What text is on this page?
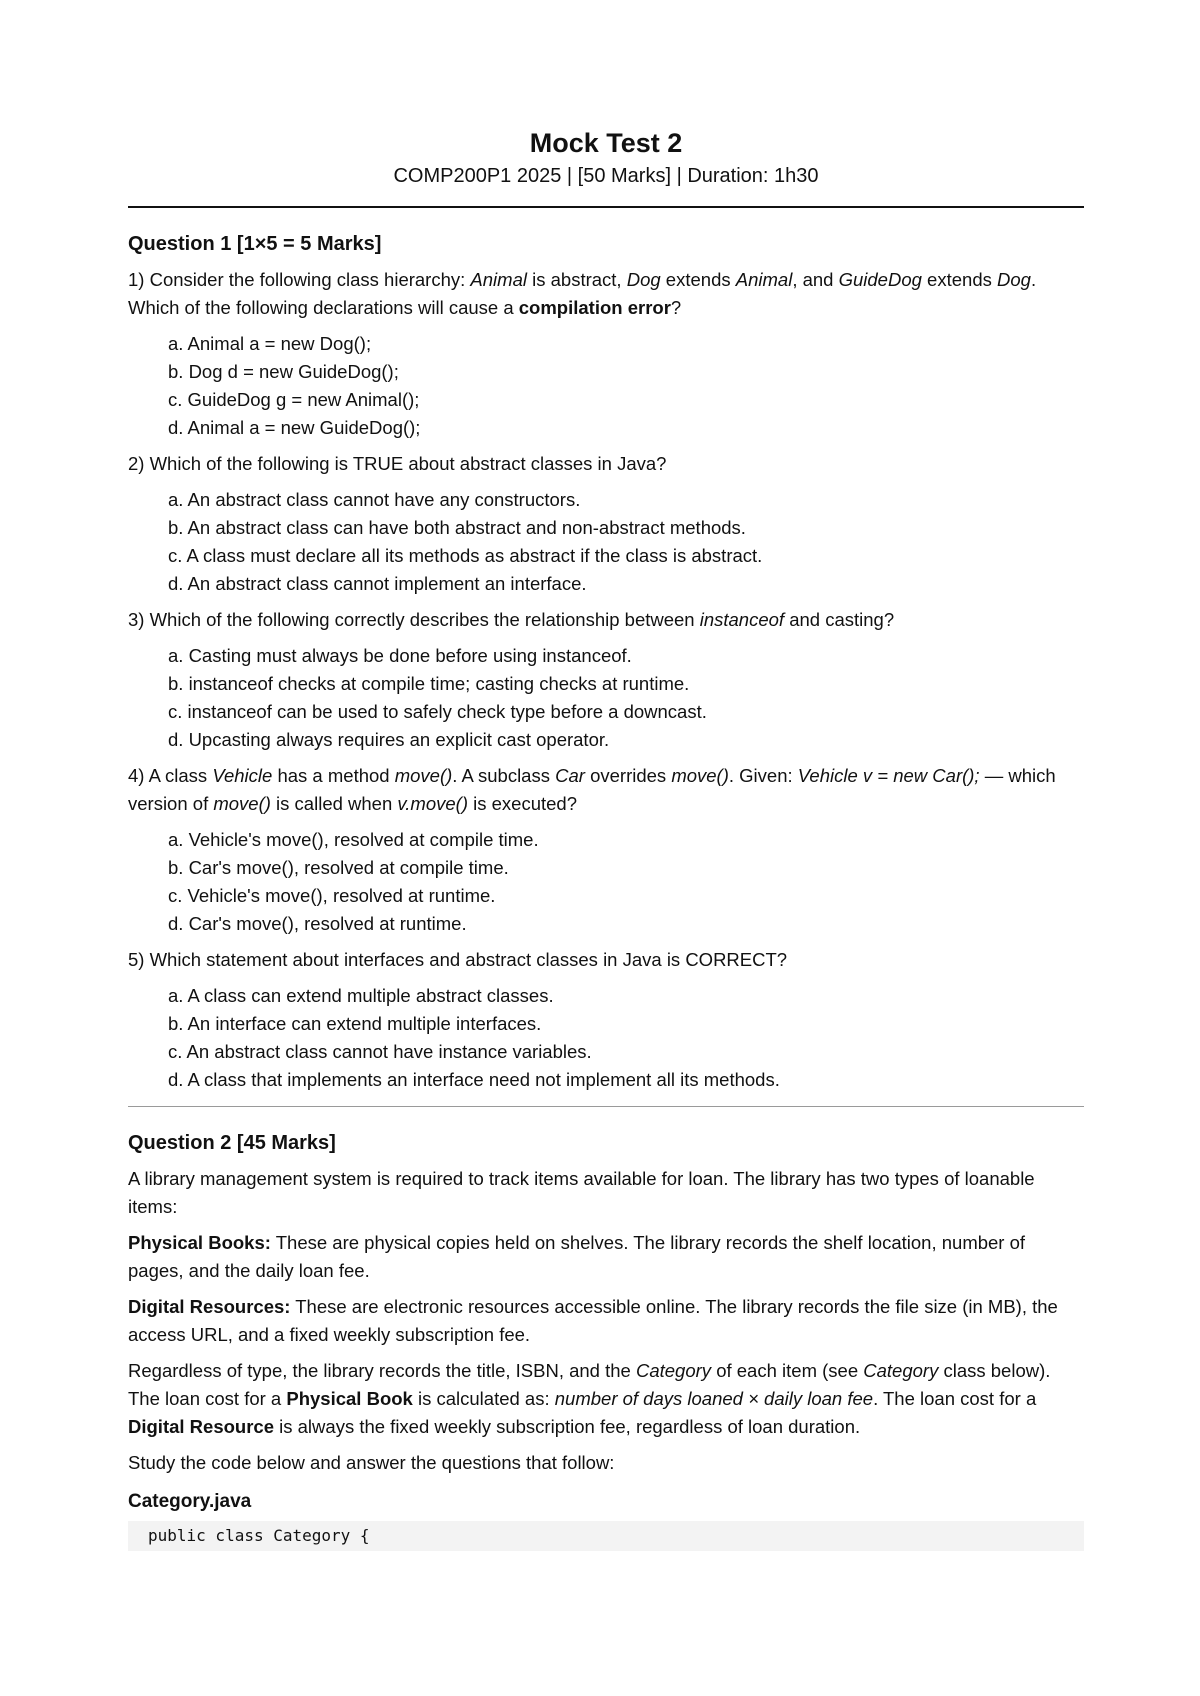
Mock Test 2
COMP200P1 2025 | [50 Marks] | Duration: 1h30
Question 1 [1×5 = 5 Marks]
1) Consider the following class hierarchy: Animal is abstract, Dog extends Animal, and GuideDog extends Dog. Which of the following declarations will cause a compilation error?
a. Animal a = new Dog();
b. Dog d = new GuideDog();
c. GuideDog g = new Animal();
d. Animal a = new GuideDog();
2) Which of the following is TRUE about abstract classes in Java?
a. An abstract class cannot have any constructors.
b. An abstract class can have both abstract and non-abstract methods.
c. A class must declare all its methods as abstract if the class is abstract.
d. An abstract class cannot implement an interface.
3) Which of the following correctly describes the relationship between instanceof and casting?
a. Casting must always be done before using instanceof.
b. instanceof checks at compile time; casting checks at runtime.
c. instanceof can be used to safely check type before a downcast.
d. Upcasting always requires an explicit cast operator.
4) A class Vehicle has a method move(). A subclass Car overrides move(). Given: Vehicle v = new Car(); — which version of move() is called when v.move() is executed?
a. Vehicle's move(), resolved at compile time.
b. Car's move(), resolved at compile time.
c. Vehicle's move(), resolved at runtime.
d. Car's move(), resolved at runtime.
5) Which statement about interfaces and abstract classes in Java is CORRECT?
a. A class can extend multiple abstract classes.
b. An interface can extend multiple interfaces.
c. An abstract class cannot have instance variables.
d. A class that implements an interface need not implement all its methods.
Question 2 [45 Marks]

A library management system is required to track items available for loan. The library has two types of loanable items:

Physical Books: These are physical copies held on shelves. The library records the shelf location, number of pages, and the daily loan fee.

Digital Resources: These are electronic resources accessible online. The library records the file size (in MB), the access URL, and a fixed weekly subscription fee.

Regardless of type, the library records the title, ISBN, and the Category of each item (see Category class below). The loan cost for a Physical Book is calculated as: number of days loaned × daily loan fee. The loan cost for a Digital Resource is always the fixed weekly subscription fee, regardless of loan duration.

Study the code below and answer the questions that follow:

Category.java
public class Category {
